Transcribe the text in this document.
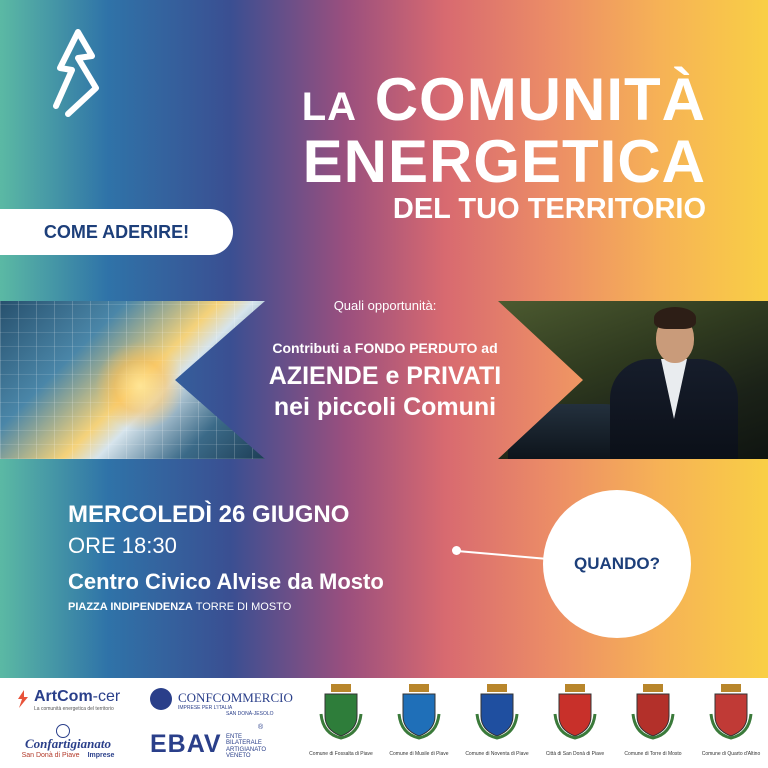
LA COMUNITÀ
ENERGETICA
DEL TUO TERRITORIO
COME ADERIRE!
Quali opportunità:
Contributi a FONDO PERDUTO ad
AZIENDE e PRIVATI
nei piccoli Comuni
MERCOLEDÌ 26 GIUGNO
ORE 18:30
Centro Civico Alvise da Mosto
PIAZZA INDIPENDENZA TORRE DI MOSTO
QUANDO?
ArtCom-cer
La comunità energetica del territorio
Confartigianato
San Donà di Piave Imprese
CONFCOMMERCIO
IMPRESE PER L'ITALIA
SAN DONÀ-JESOLO
EBAV ENTE
BILATERALE
ARTIGIANATO
VENETO
®
Comune di Fossalta di Piave	Comune di Musile di Piave	Comune di Noventa di Piave	Città di San Donà di Piave	Comune di Torre di Mosto	Comune di Quarto d'Altino
